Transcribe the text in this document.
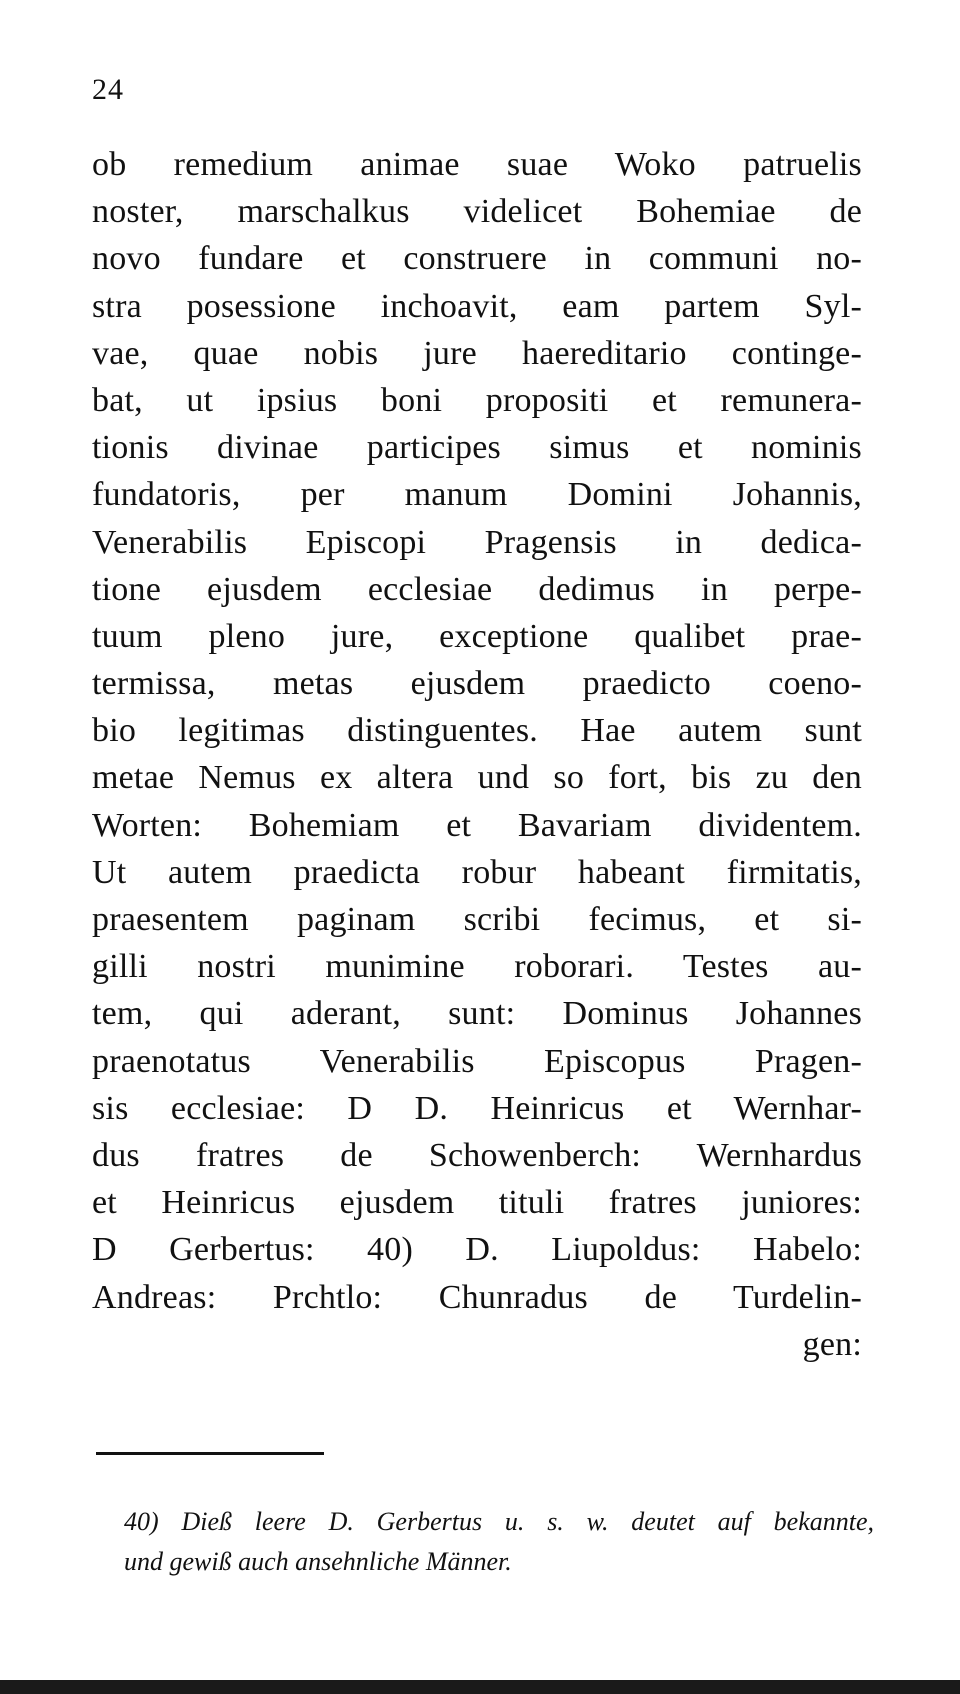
24
ob remedium animae suae Woko patruelis
noster, marschalkus videlicet Bohemiae de
novo fundare et construere in communi no-
stra posessione inchoavit, eam partem Syl-
vae, quae nobis jure haereditario continge-
bat, ut ipsius boni propositi et remunera-
tionis divinae participes simus et nominis
fundatoris, per manum Domini Johannis,
Venerabilis Episcopi Pragensis in dedica-
tione ejusdem ecclesiae dedimus in perpe-
tuum pleno jure, exceptione qualibet prae-
termissa, metas ejusdem praedicto coeno-
bio legitimas distinguentes. Hae autem sunt
metae Nemus ex altera und so fort, bis zu den
Worten: Bohemiam et Bavariam dividentem.
Ut autem praedicta robur habeant firmitatis,
praesentem paginam scribi fecimus, et si-
gilli nostri munimine roborari. Testes au-
tem, qui aderant, sunt: Dominus Johannes
praenotatus Venerabilis Episcopus Pragen-
sis ecclesiae: D D. Heinricus et Wernhar-
dus fratres de Schowenberch: Wernhardus
et Heinricus ejusdem tituli fratres juniores:
D Gerbertus: 40) D. Liupoldus: Habelo:
Andreas: Prchtlo: Chunradus de Turdelin-
gen:
40) Dieß leere D. Gerbertus u. s. w. deutet auf bekannte,
und gewiß auch ansehnliche Männer.
